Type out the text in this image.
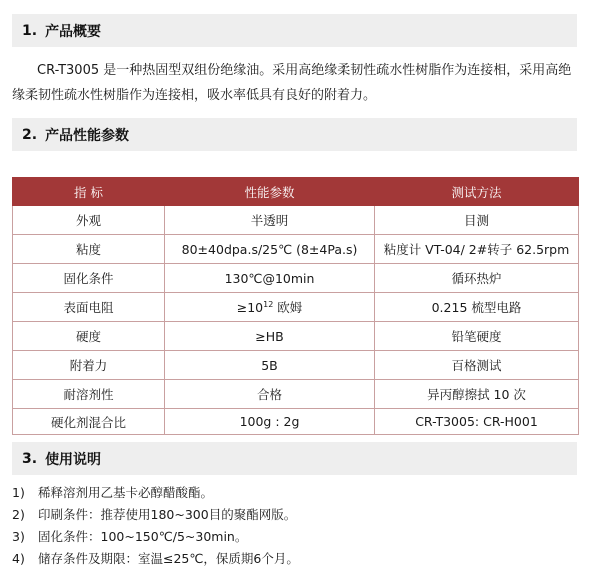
1. 产品概要

CR-T3005 是一种热固型双组份绝缘油。采用高绝缘柔韧性疏水性树脂作为连接相，采用高绝缘柔韧性疏水性树脂作为连接相，吸水率低具有良好的附着力。

2. 产品性能参数
指 标	性能参数	测试方法
外观	半透明	目测
粘度	80±40dpa.s/25℃ (8±4Pa.s)	粘度计 VT-04/ 2#转子 62.5rpm
固化条件	130℃@10min	循环热炉
表面电阻	$\ge 10^{12}$ 欧姆	0.215 梳型电路
硬度	≥HB	铅笔硬度
附着力	5B	百格测试
耐溶剂性	合格	异丙醇擦拭 10 次
硬化剂混合比	100g : 2g	CR-T3005: CR-H001
3. 使用说明
1)	稀释溶剂用乙基卡必醇醋酸酯。
2)	印刷条件：推荐使用180~300目的聚酯网版。
3)	固化条件：100~150℃/5~30min。
4)	储存条件及期限：室温≤25℃，保质期6个月。
